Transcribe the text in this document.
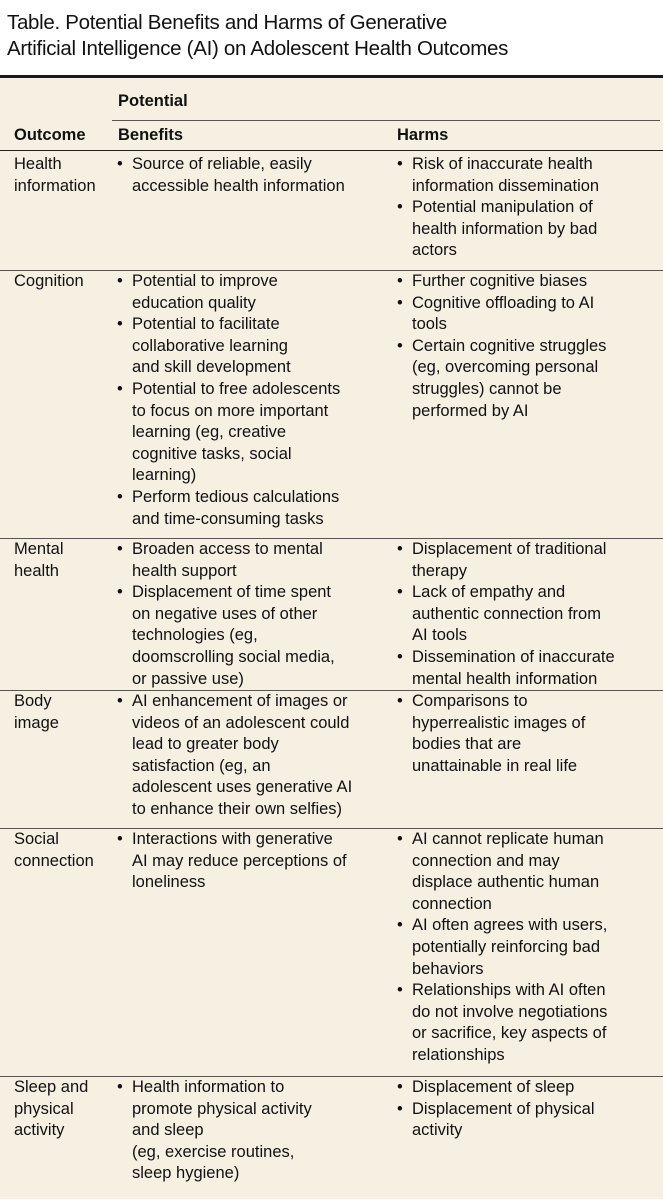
Table. Potential Benefits and Harms of Generative
Artificial Intelligence (AI) on Adolescent Health Outcomes
Potential
Outcome Benefits	Harms
Health
information
• Source of reliable, easily
accessible health information
• Risk of inaccurate health
information dissemination
• Potential manipulation of
health information by bad
actors
Cognition	• Potential to improve
education quality
• Potential to facilitate
collaborative learning
and skill development
• Potential to free adolescents
to focus on more important
learning (eg, creative
cognitive tasks, social
learning)
• Perform tedious calculations
and time-consuming tasks
• Further cognitive biases
• Cognitive offloading to AI
tools
• Certain cognitive struggles
(eg, overcoming personal
struggles) cannot be
performed by AI
Mental
health
• Broaden access to mental
health support
• Displacement of time spent
on negative uses of other
technologies (eg,
doomscrolling social media,
or passive use)
• Displacement of traditional
therapy
• Lack of empathy and
authentic connection from
AI tools
• Dissemination of inaccurate
mental health information
Body
image
• AI enhancement of images or
videos of an adolescent could
lead to greater body
satisfaction (eg, an
adolescent uses generative AI
to enhance their own selfies)
• Comparisons to
hyperrealistic images of
bodies that are
unattainable in real life
Social
connection
• Interactions with generative
AI may reduce perceptions of
loneliness
• AI cannot replicate human
connection and may
displace authentic human
connection
• AI often agrees with users,
potentially reinforcing bad
behaviors
• Relationships with AI often
do not involve negotiations
or sacrifice, key aspects of
relationships
Sleep and
physical
activity
• Health information to
promote physical activity
and sleep
(eg, exercise routines,
sleep hygiene)
• Displacement of sleep
• Displacement of physical
activity
